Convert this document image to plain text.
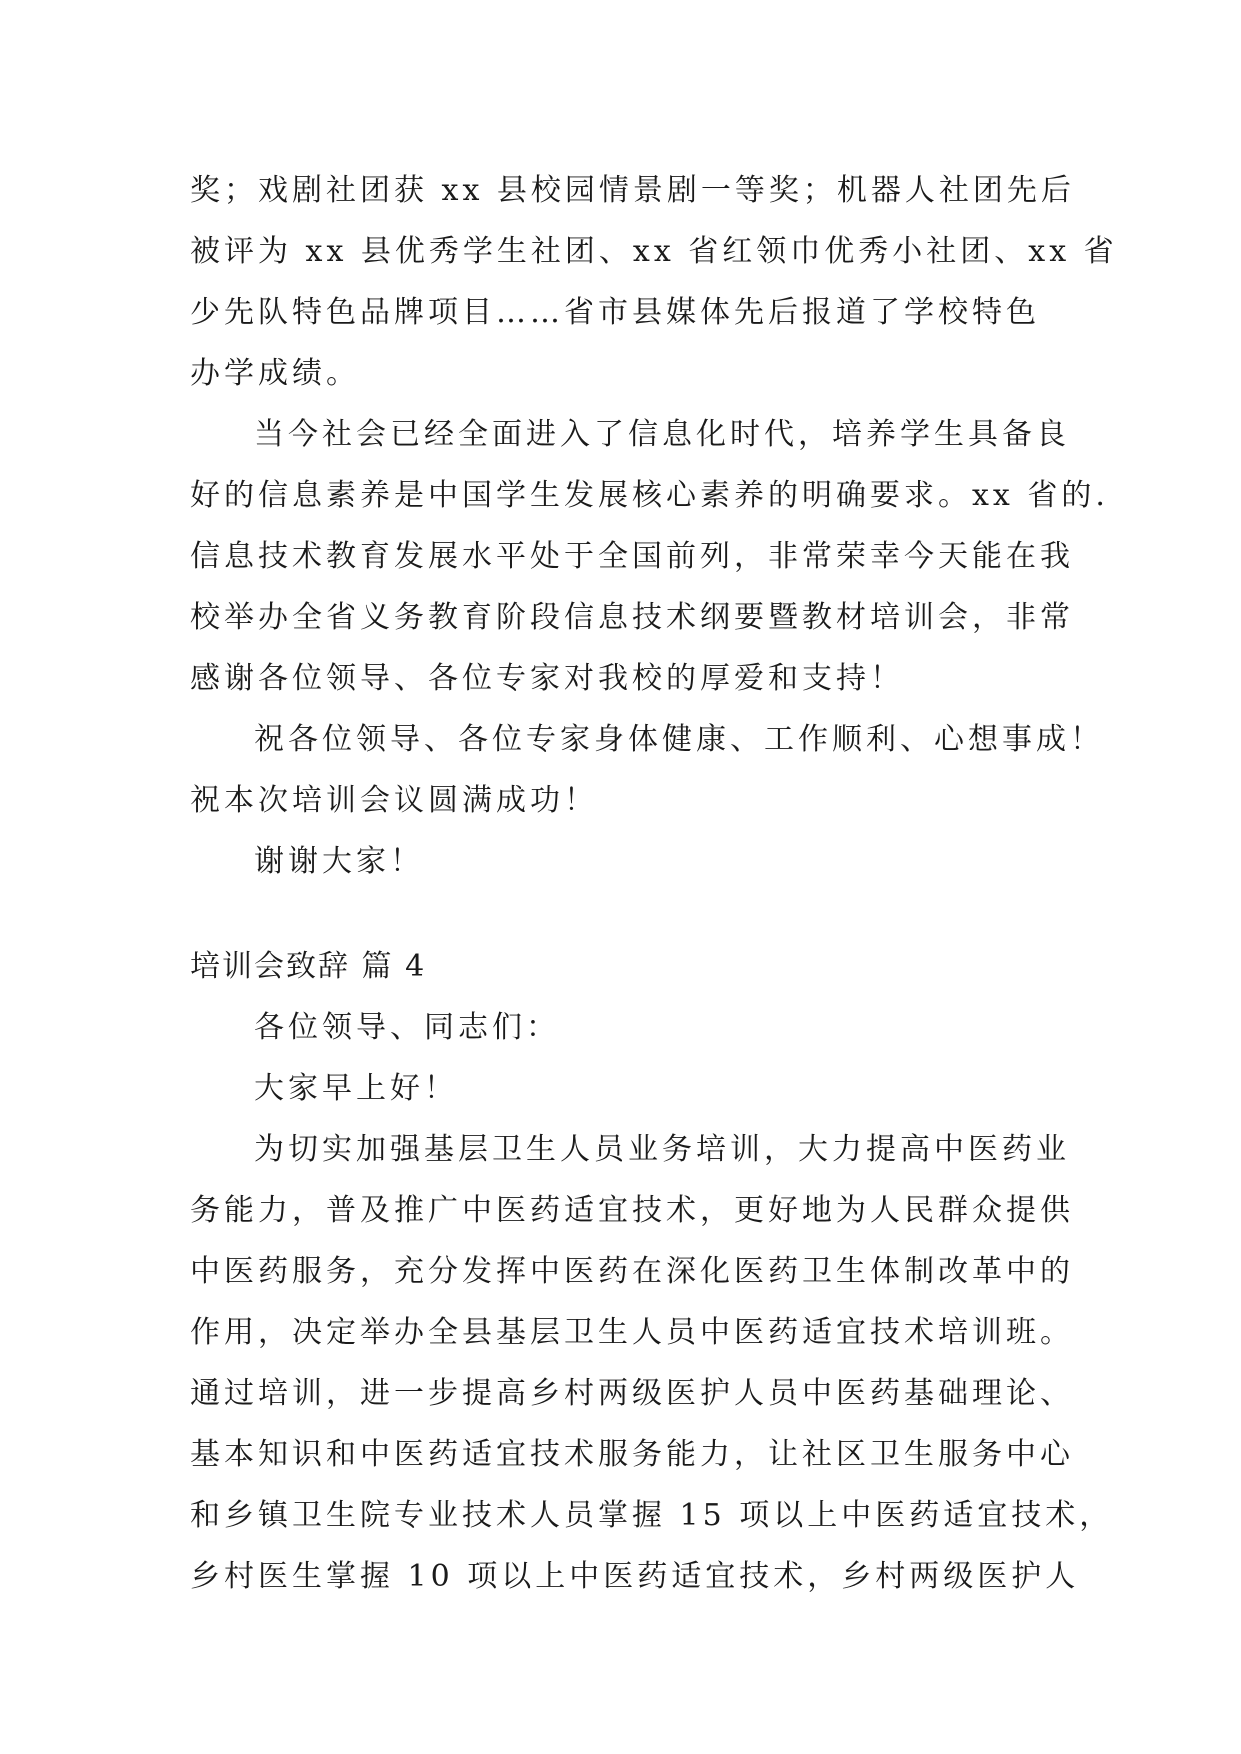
奖；戏剧社团获 xx 县校园情景剧一等奖；机器人社团先后
被评为 xx 县优秀学生社团、xx 省红领巾优秀小社团、xx 省
少先队特色品牌项目……省市县媒体先后报道了学校特色
办学成绩。
当今社会已经全面进入了信息化时代，培养学生具备良
好的信息素养是中国学生发展核心素养的明确要求。xx 省的.
信息技术教育发展水平处于全国前列，非常荣幸今天能在我
校举办全省义务教育阶段信息技术纲要暨教材培训会，非常
感谢各位领导、各位专家对我校的厚爱和支持！
祝各位领导、各位专家身体健康、工作顺利、心想事成！
祝本次培训会议圆满成功！
谢谢大家！
培训会致辞 篇 4
各位领导、同志们：
大家早上好！
为切实加强基层卫生人员业务培训，大力提高中医药业
务能力，普及推广中医药适宜技术，更好地为人民群众提供
中医药服务，充分发挥中医药在深化医药卫生体制改革中的
作用，决定举办全县基层卫生人员中医药适宜技术培训班。
通过培训，进一步提高乡村两级医护人员中医药基础理论、
基本知识和中医药适宜技术服务能力，让社区卫生服务中心
和乡镇卫生院专业技术人员掌握 15 项以上中医药适宜技术，
乡村医生掌握 10 项以上中医药适宜技术，乡村两级医护人
